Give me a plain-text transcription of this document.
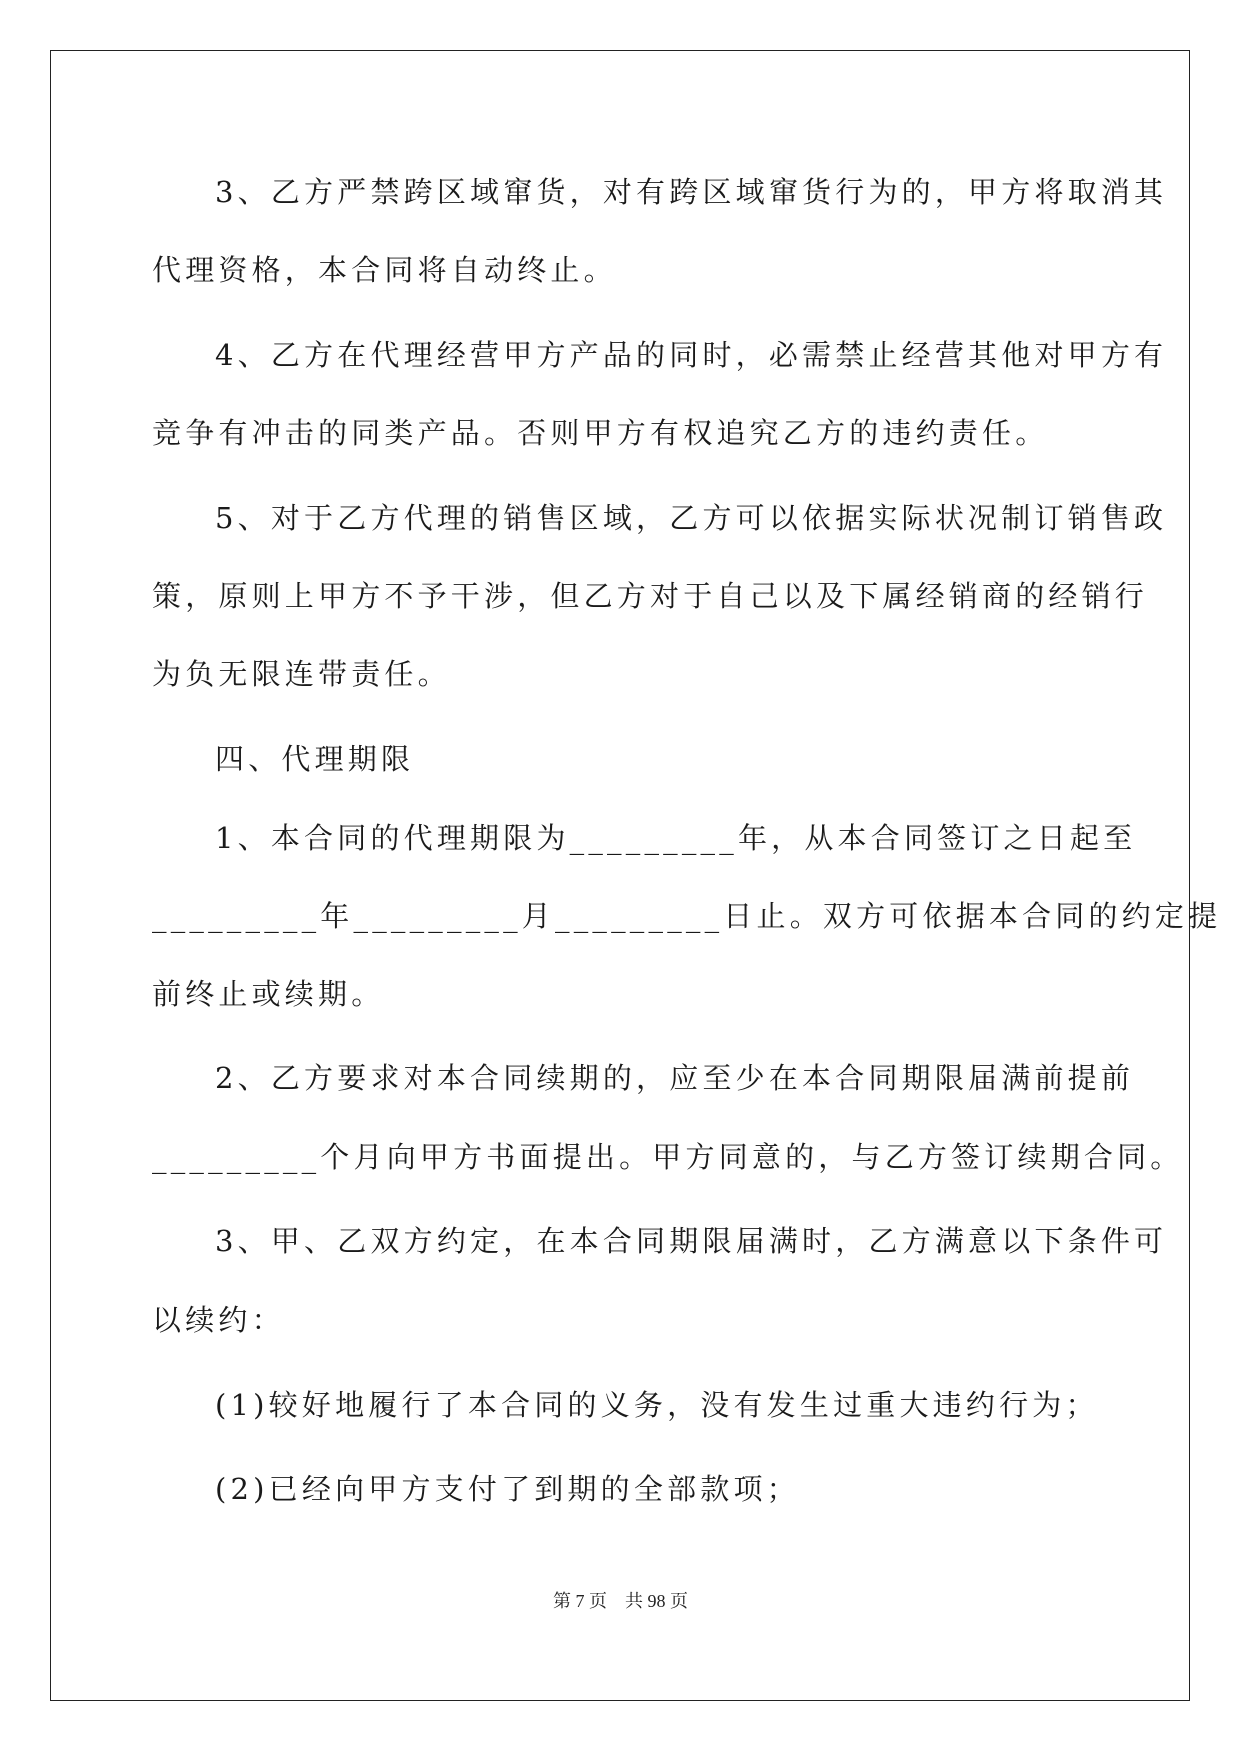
3、乙方严禁跨区域窜货，对有跨区域窜货行为的，甲方将取消其
代理资格，本合同将自动终止。
4、乙方在代理经营甲方产品的同时，必需禁止经营其他对甲方有
竞争有冲击的同类产品。否则甲方有权追究乙方的违约责任。
5、对于乙方代理的销售区域，乙方可以依据实际状况制订销售政
策，原则上甲方不予干涉，但乙方对于自己以及下属经销商的经销行
为负无限连带责任。
四、代理期限
1、本合同的代理期限为_________年，从本合同签订之日起至
_________年_________月_________日止。双方可依据本合同的约定提
前终止或续期。
2、乙方要求对本合同续期的，应至少在本合同期限届满前提前
_________个月向甲方书面提出。甲方同意的，与乙方签订续期合同。
3、甲、乙双方约定，在本合同期限届满时，乙方满意以下条件可
以续约：
(1)较好地履行了本合同的义务，没有发生过重大违约行为；
(2)已经向甲方支付了到期的全部款项；
第 7 页　共 98 页
